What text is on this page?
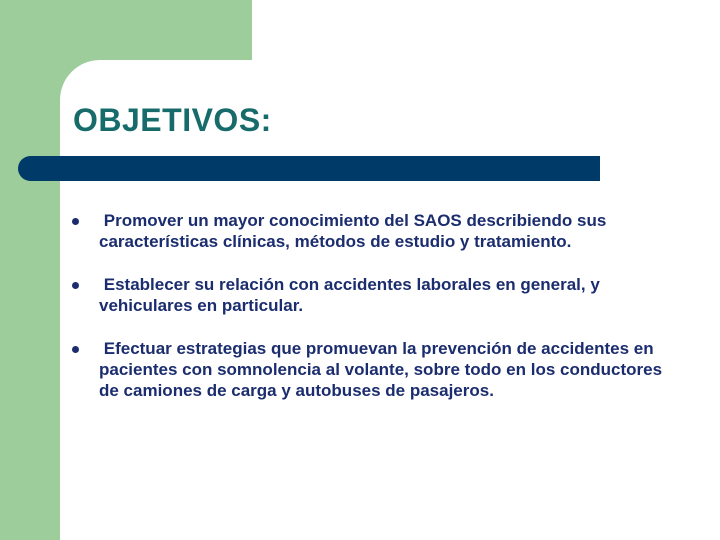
OBJETIVOS:
Promover un mayor conocimiento del SAOS describiendo sus características clínicas, métodos de estudio y tratamiento.
Establecer su relación con accidentes laborales en general, y vehiculares en particular.
Efectuar estrategias que promuevan la prevención de accidentes en pacientes con somnolencia al volante, sobre todo en los conductores de camiones de carga y autobuses de pasajeros.
